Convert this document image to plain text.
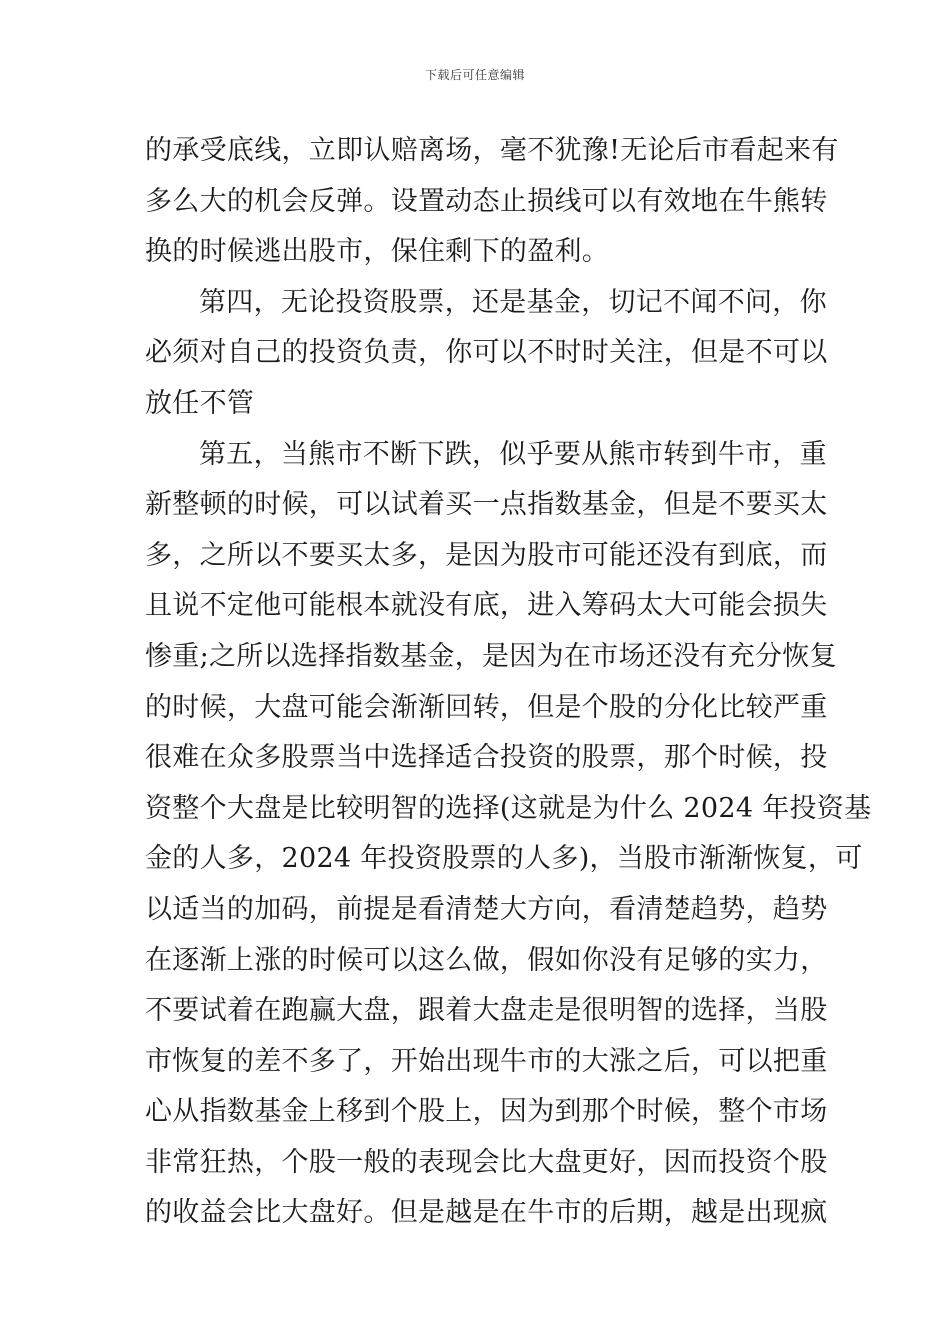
下载后可任意编辑
的承受底线，立即认赔离场，毫不犹豫!无论后市看起来有
多么大的机会反弹。设置动态止损线可以有效地在牛熊转
换的时候逃出股市，保住剩下的盈利。
第四，无论投资股票，还是基金，切记不闻不问，你
必须对自己的投资负责，你可以不时时关注，但是不可以
放任不管
第五，当熊市不断下跌，似乎要从熊市转到牛市，重
新整顿的时候，可以试着买一点指数基金，但是不要买太
多，之所以不要买太多，是因为股市可能还没有到底，而
且说不定他可能根本就没有底，进入筹码太大可能会损失
惨重;之所以选择指数基金，是因为在市场还没有充分恢复
的时候，大盘可能会渐渐回转，但是个股的分化比较严重
很难在众多股票当中选择适合投资的股票，那个时候，投
资整个大盘是比较明智的选择(这就是为什么 2024 年投资基
金的人多，2024 年投资股票的人多)，当股市渐渐恢复，可
以适当的加码，前提是看清楚大方向，看清楚趋势，趋势
在逐渐上涨的时候可以这么做，假如你没有足够的实力，
不要试着在跑赢大盘，跟着大盘走是很明智的选择，当股
市恢复的差不多了，开始出现牛市的大涨之后，可以把重
心从指数基金上移到个股上，因为到那个时候，整个市场
非常狂热，个股一般的表现会比大盘更好，因而投资个股
的收益会比大盘好。但是越是在牛市的后期，越是出现疯
